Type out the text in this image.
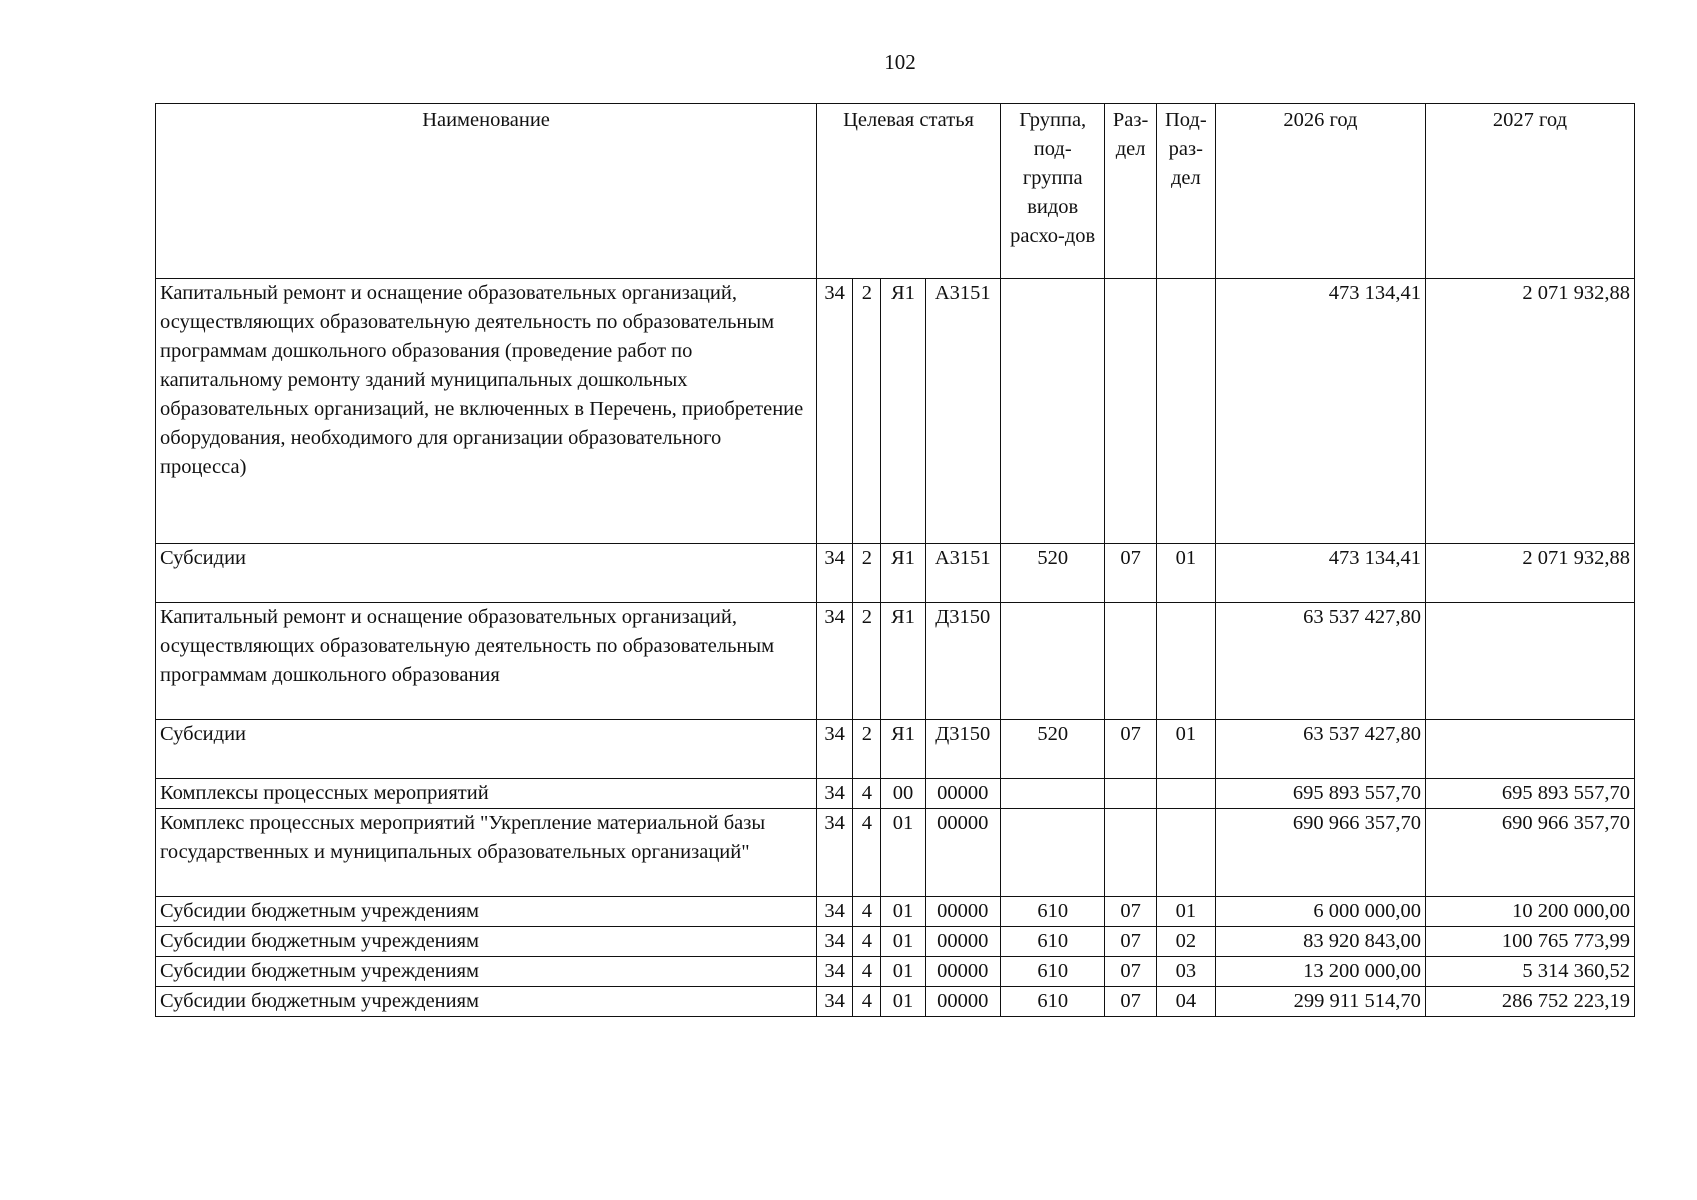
102
Наименование	Целевая статья				Группа, под-группа видов расхо-дов	Раз-дел	Под-раз-дел	2026 год	2027 год
Капитальный ремонт и оснащение образовательных организаций, осуществляющих образовательную деятельность по образовательным программам дошкольного образования (проведение работ по капитальному ремонту зданий муниципальных дошкольных образовательных организаций, не включенных в Перечень, приобретение оборудования, необходимого для организации образовательного процесса)	34	2	Я1	А3151				473 134,41	2 071 932,88
Субсидии	34	2	Я1	А3151	520	07	01	473 134,41	2 071 932,88
Капитальный ремонт и оснащение образовательных организаций, осуществляющих образовательную деятельность по образовательным программам дошкольного образования	34	2	Я1	Д3150				63 537 427,80	
Субсидии	34	2	Я1	Д3150	520	07	01	63 537 427,80	
Комплексы процессных мероприятий	34	4	00	00000				695 893 557,70	695 893 557,70
Комплекс процессных мероприятий "Укрепление материальной базы государственных и муниципальных образовательных организаций"	34	4	01	00000				690 966 357,70	690 966 357,70
Субсидии бюджетным учреждениям	34	4	01	00000	610	07	01	6 000 000,00	10 200 000,00
Субсидии бюджетным учреждениям	34	4	01	00000	610	07	02	83 920 843,00	100 765 773,99
Субсидии бюджетным учреждениям	34	4	01	00000	610	07	03	13 200 000,00	5 314 360,52
Субсидии бюджетным учреждениям	34	4	01	00000	610	07	04	299 911 514,70	286 752 223,19
